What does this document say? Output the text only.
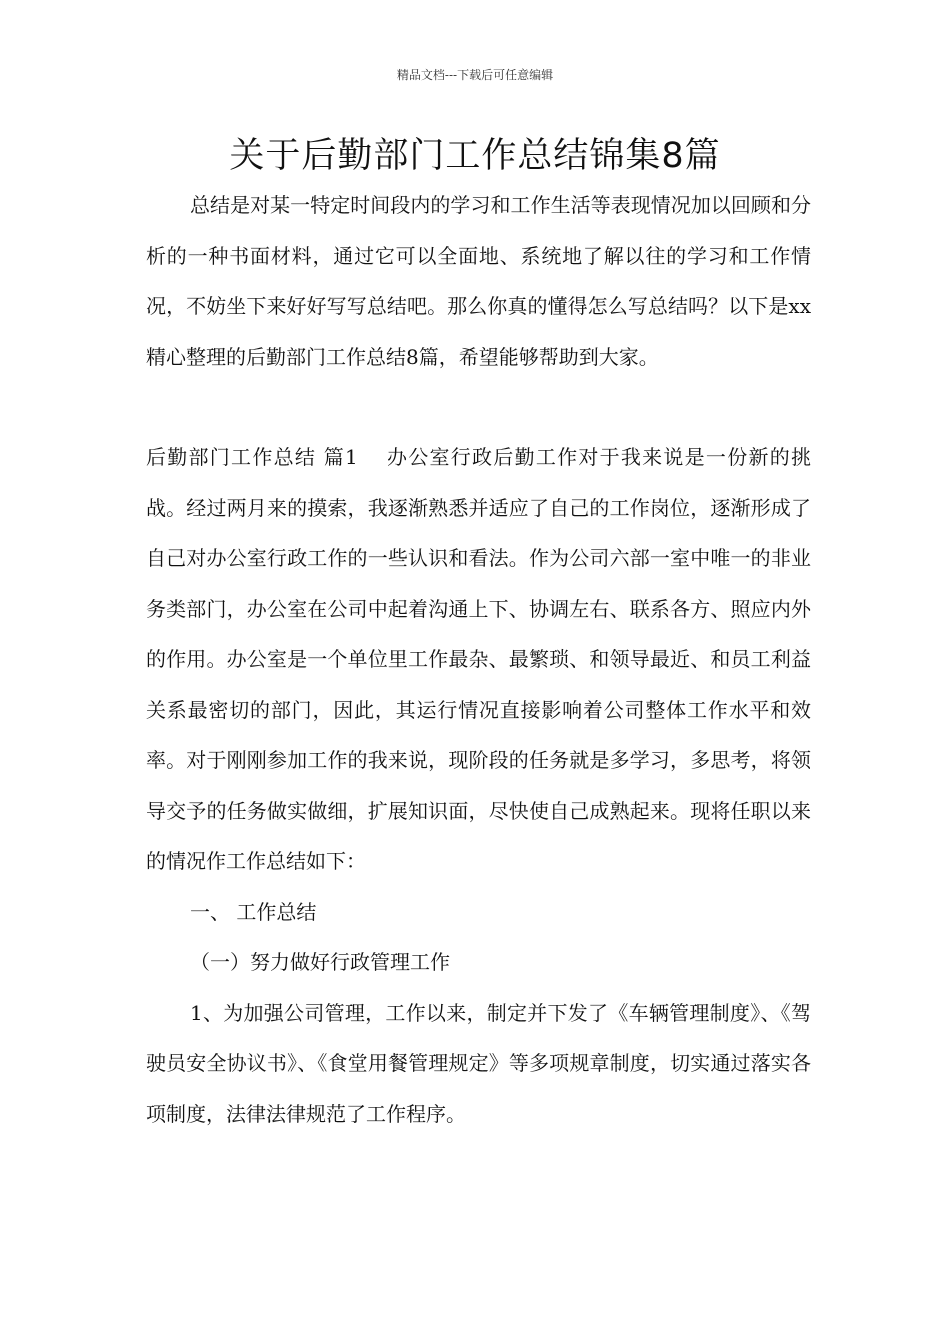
精品文档---下载后可任意编辑
关于后勤部门工作总结锦集8篇

总结是对某一特定时间段内的学习和工作生活等表现情况加以回顾和分析的一种书面材料，通过它可以全面地、系统地了解以往的学习和工作情况，不妨坐下来好好写写总结吧。那么你真的懂得怎么写总结吗？以下是xx精心整理的后勤部门工作总结8篇，希望能够帮助到大家。

后勤部门工作总结 篇1 办公室行政后勤工作对于我来说是一份新的挑战。经过两月来的摸索，我逐渐熟悉并适应了自己的工作岗位，逐渐形成了自己对办公室行政工作的一些认识和看法。作为公司六部一室中唯一的非业务类部门，办公室在公司中起着沟通上下、协调左右、联系各方、照应内外的作用。办公室是一个单位里工作最杂、最繁琐、和领导最近、和员工利益关系最密切的部门，因此，其运行情况直接影响着公司整体工作水平和效率。对于刚刚参加工作的我来说，现阶段的任务就是多学习，多思考，将领导交予的任务做实做细，扩展知识面，尽快使自己成熟起来。现将任职以来的情况作工作总结如下：

一、 工作总结

（一）努力做好行政管理工作

1、为加强公司管理，工作以来，制定并下发了《车辆管理制度》、《驾驶员安全协议书》、《食堂用餐管理规定》等多项规章制度，切实通过落实各项制度，法律法律规范了工作程序。
